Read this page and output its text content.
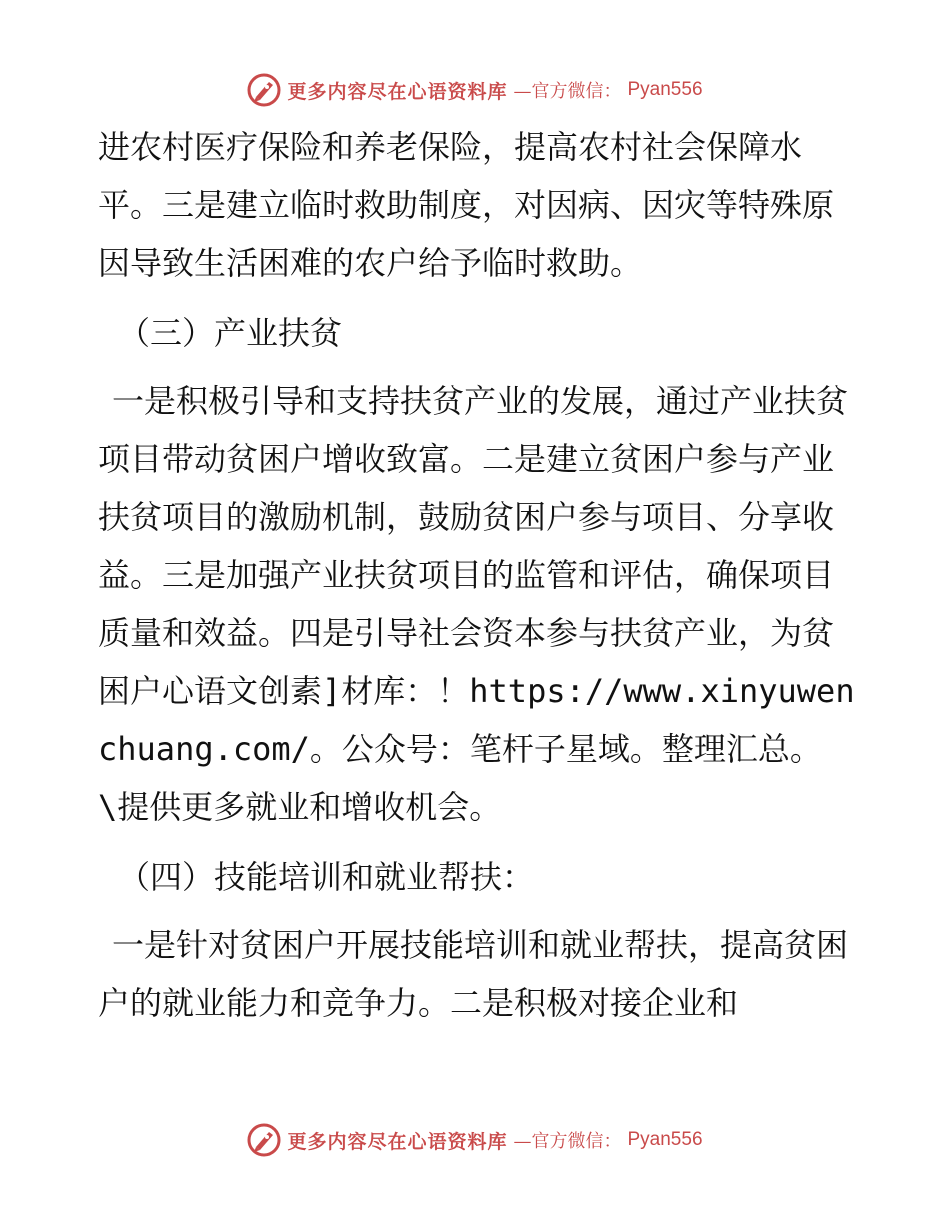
更多内容尽在心语资料库 —官方微信： Pyan556

进农村医疗保险和养老保险，提高农村社会保障水平。三是建立临时救助制度，对因病、因灾等特殊原因导致生活困难的农户给予临时救助。

（三）产业扶贫

一是积极引导和支持扶贫产业的发展，通过产业扶贫项目带动贫困户增收致富。二是建立贫困户参与产业扶贫项目的激励机制，鼓励贫困户参与项目、分享收益。三是加强产业扶贫项目的监管和评估，确保项目质量和效益。四是引导社会资本参与扶贫产业，为贫困户心语文创素]材库：！https://www.xinyuwenchuang.com/。公众号：笔杆子星域。整理汇总。\提供更多就业和增收机会。

（四）技能培训和就业帮扶：

一是针对贫困户开展技能培训和就业帮扶，提高贫困户的就业能力和竞争力。二是积极对接企业和

更多内容尽在心语资料库 —官方微信： Pyan556
